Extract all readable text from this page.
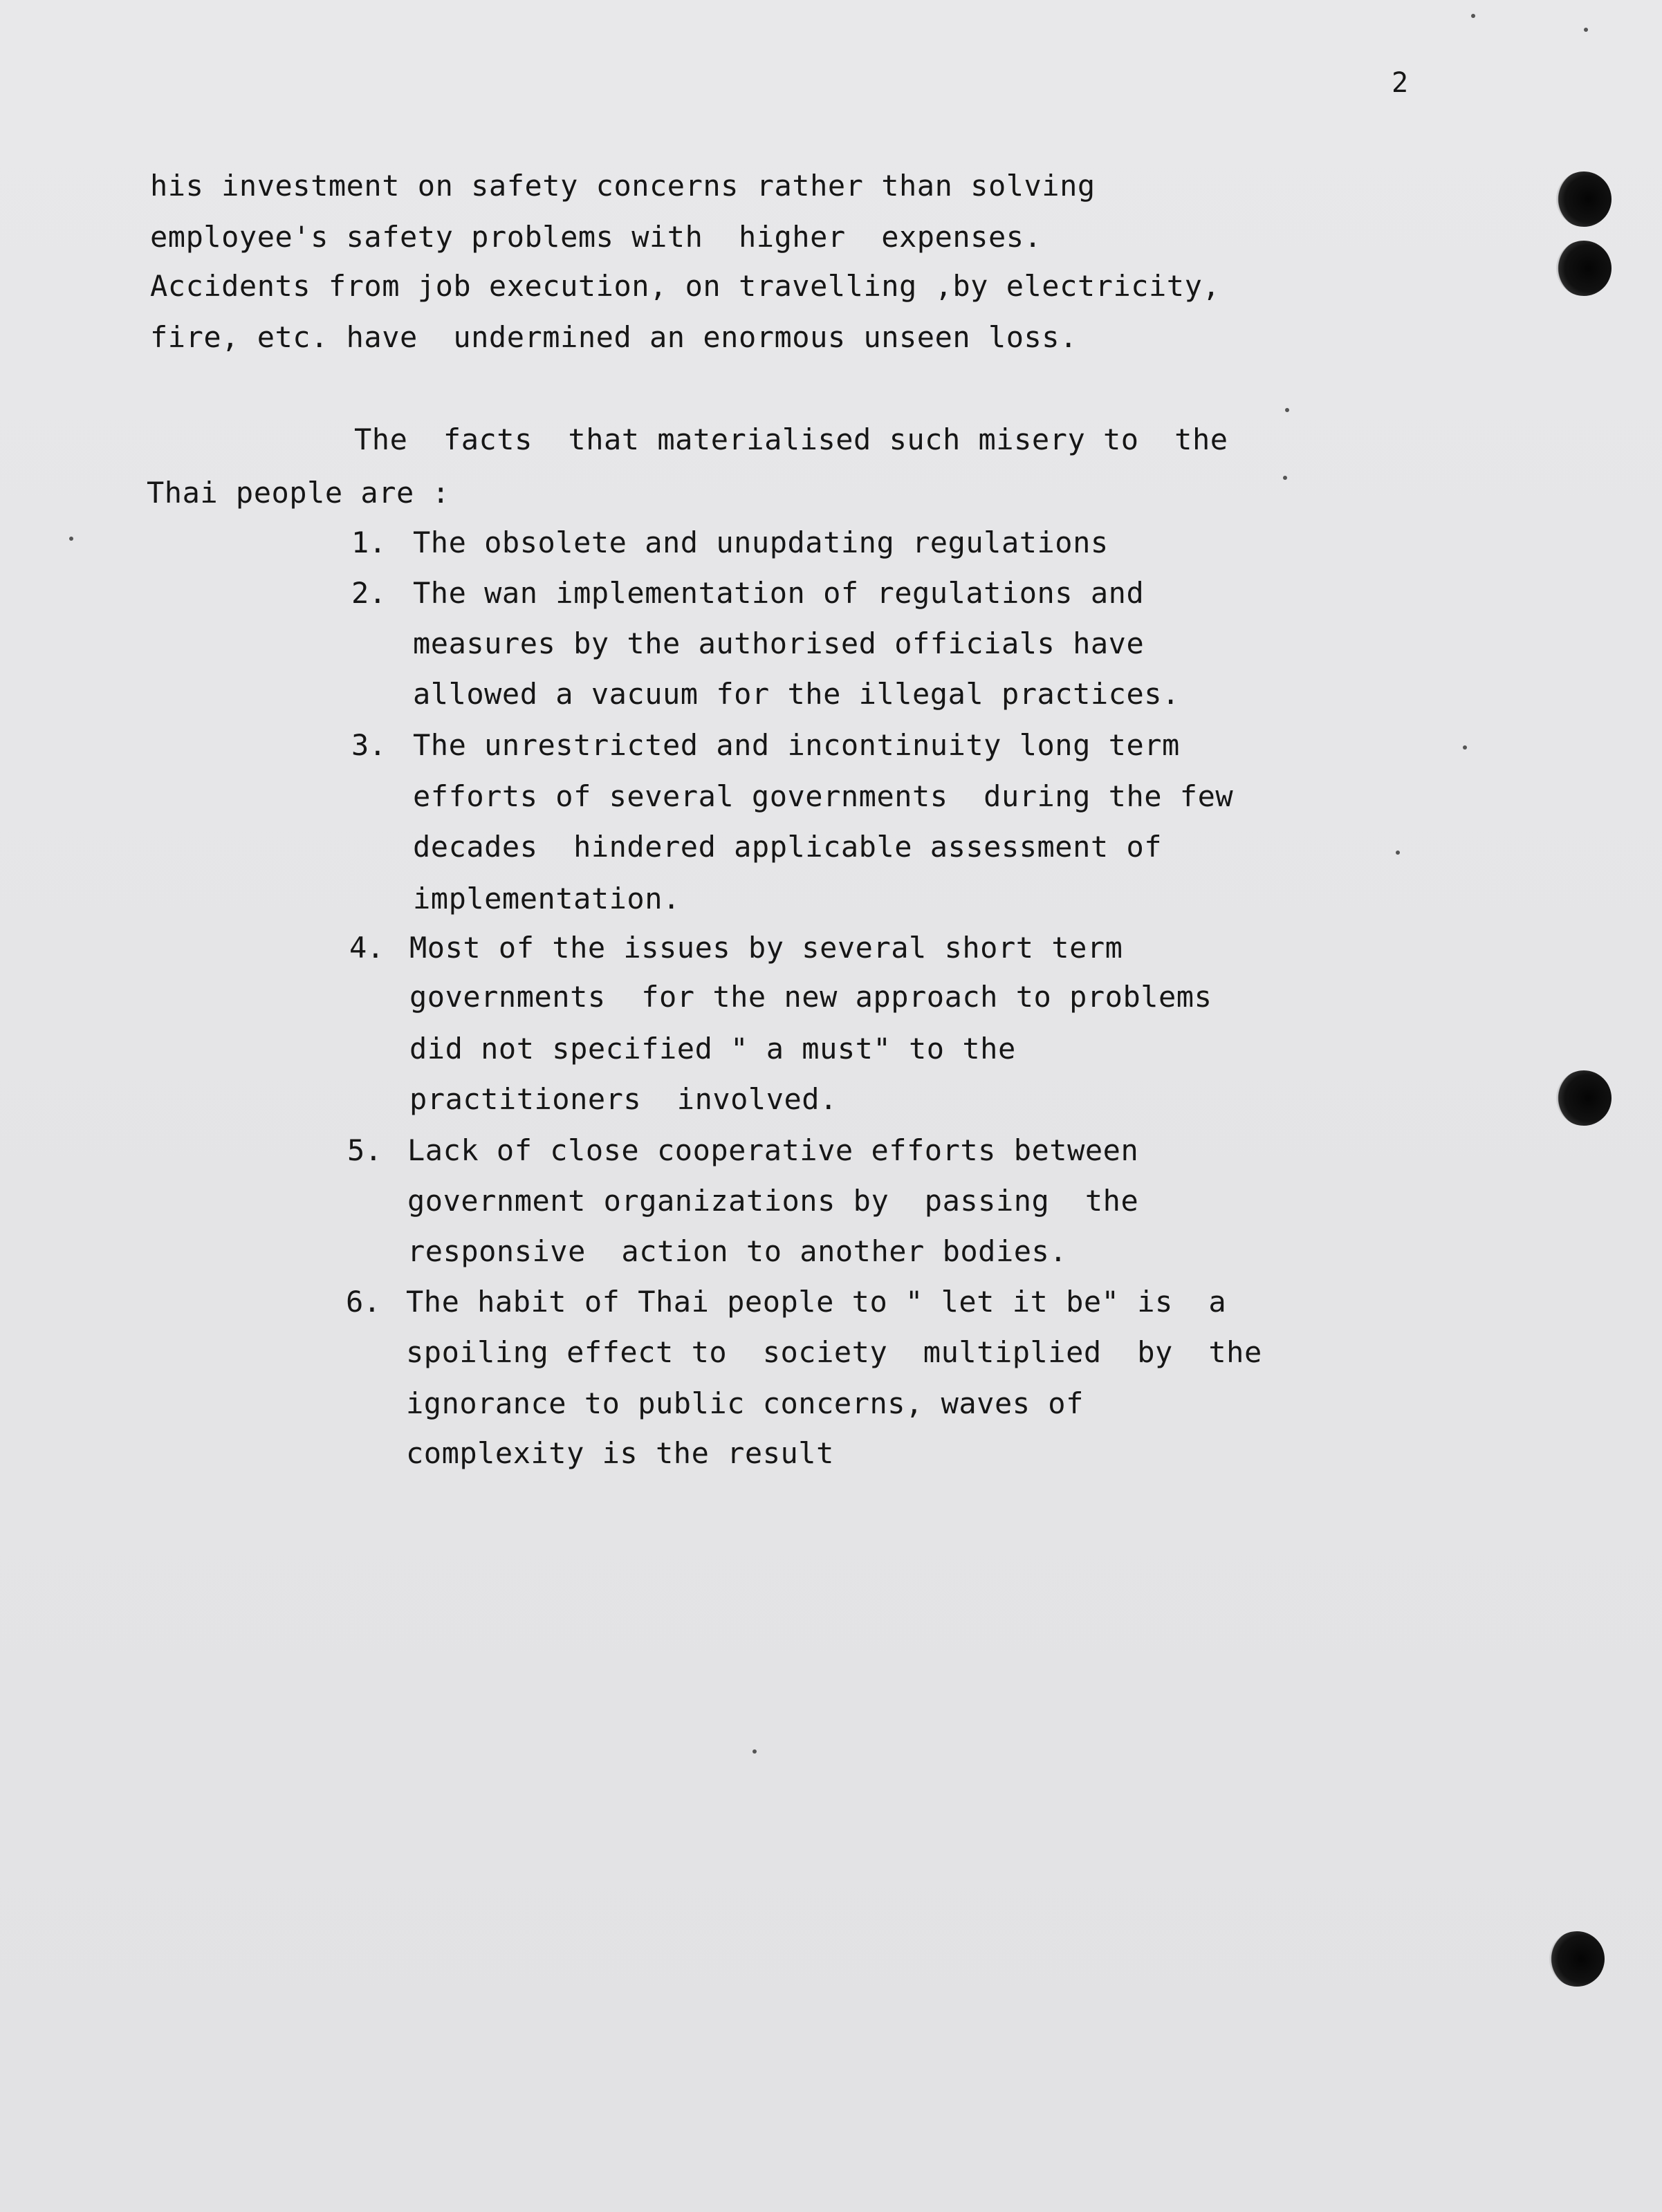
2
his investment on safety concerns rather than solving
employee's safety problems with  higher  expenses.
Accidents from job execution, on travelling ,by electricity,
fire, etc. have  undermined an enormous unseen loss.
The  facts  that materialised such misery to  the
Thai people are :
1. The obsolete and unupdating regulations
2. The wan implementation of regulations and
measures by the authorised officials have
allowed a vacuum for the illegal practices.
3. The unrestricted and incontinuity long term
efforts of several governments  during the few
decades  hindered applicable assessment of
implementation.
4. Most of the issues by several short term
governments  for the new approach to problems
did not specified " a must" to the
practitioners  involved.
5. Lack of close cooperative efforts between
government organizations by  passing  the
responsive  action to another bodies.
6. The habit of Thai people to " let it be" is  a
spoiling effect to  society  multiplied  by  the
ignorance to public concerns, waves of
complexity is the result
